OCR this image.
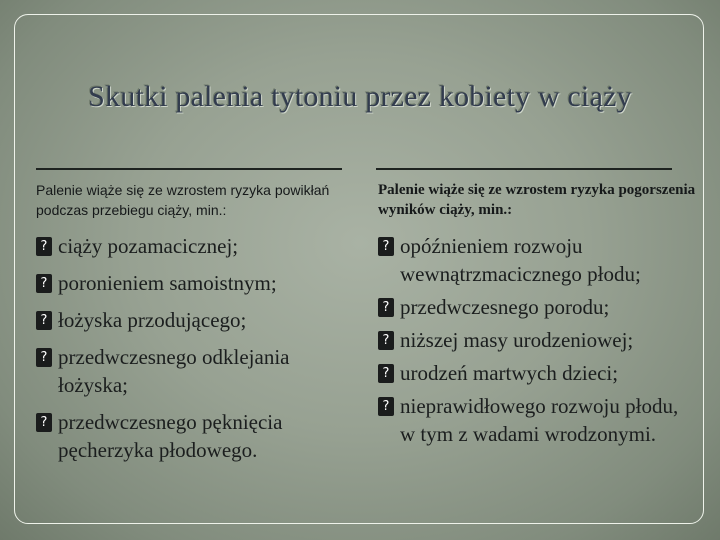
Skutki palenia tytoniu przez kobiety w ciąży
Palenie wiąże się ze wzrostem ryzyka powikłań podczas przebiegu ciąży, min.:
? ciąży pozamacicznej;
? poronieniem samoistnym;
? łożyska przodującego;
? przedwczesnego odklejania łożyska;
? przedwczesnego pęknięcia pęcherzyka płodowego.
Palenie wiąże się ze wzrostem ryzyka pogorszenia wyników ciąży, min.:
? opóźnieniem rozwoju wewnątrzmacicznego płodu;
? przedwczesnego porodu;
? niższej masy urodzeniowej;
? urodzeń martwych dzieci;
? nieprawidłowego rozwoju płodu, w tym z wadami wrodzonymi.
